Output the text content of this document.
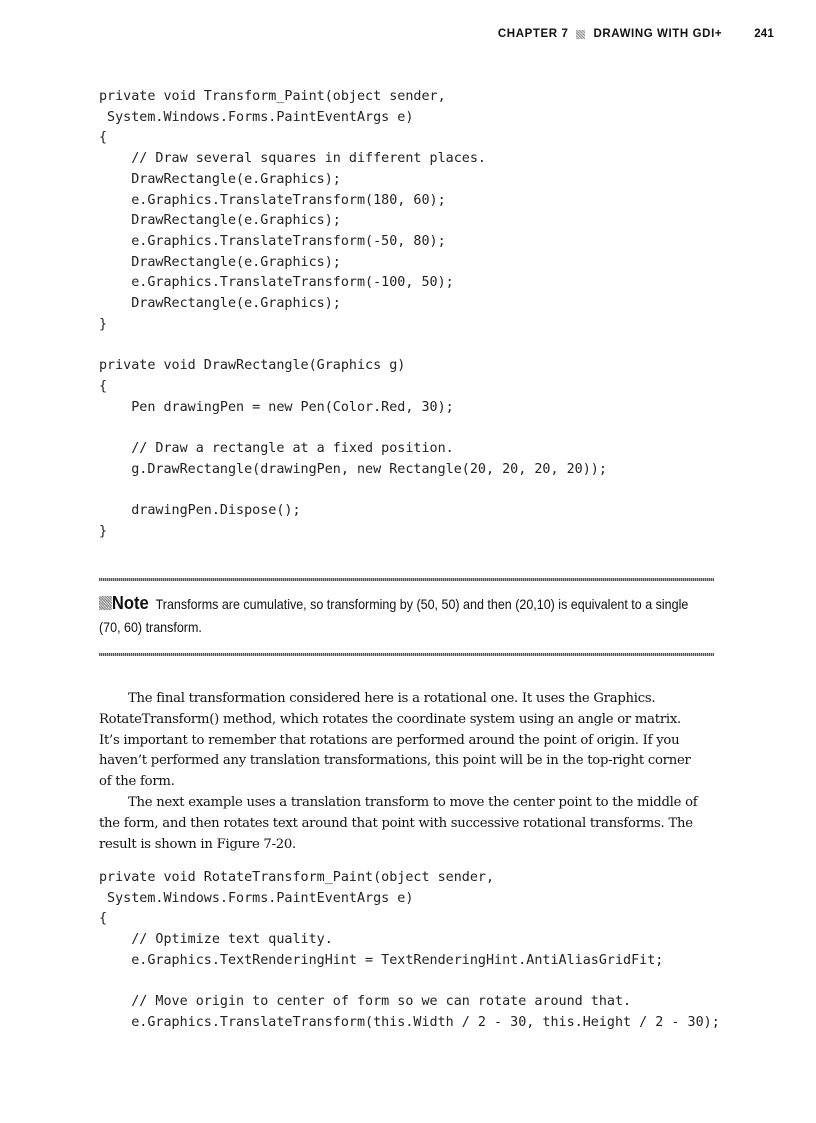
CHAPTER 7 DRAWING WITH GDI+	241
private void Transform_Paint(object sender,
System.Windows.Forms.PaintEventArgs e)
{
// Draw several squares in different places.
DrawRectangle(e.Graphics);
e.Graphics.TranslateTransform(180, 60);
DrawRectangle(e.Graphics);
e.Graphics.TranslateTransform(-50, 80);
DrawRectangle(e.Graphics);
e.Graphics.TranslateTransform(-100, 50);
DrawRectangle(e.Graphics);
}

private void DrawRectangle(Graphics g)
{
Pen drawingPen = new Pen(Color.Red, 30);

// Draw a rectangle at a fixed position.
g.DrawRectangle(drawingPen, new Rectangle(20, 20, 20, 20));

drawingPen.Dispose();
}
Note Transforms are cumulative, so transforming by (50, 50) and then (20,10) is equivalent to a single
(70, 60) transform.

The final transformation considered here is a rotational one. It uses the Graphics.
RotateTransform() method, which rotates the coordinate system using an angle or matrix.
It’s important to remember that rotations are performed around the point of origin. If you
haven’t performed any translation transformations, this point will be in the top-right corner
of the form.

The next example uses a translation transform to move the center point to the middle of
the form, and then rotates text around that point with successive rotational transforms. The
result is shown in Figure 7-20.

private void RotateTransform_Paint(object sender,
System.Windows.Forms.PaintEventArgs e)
{
// Optimize text quality.
e.Graphics.TextRenderingHint = TextRenderingHint.AntiAliasGridFit;

// Move origin to center of form so we can rotate around that.
e.Graphics.TranslateTransform(this.Width / 2 - 30, this.Height / 2 - 30);
